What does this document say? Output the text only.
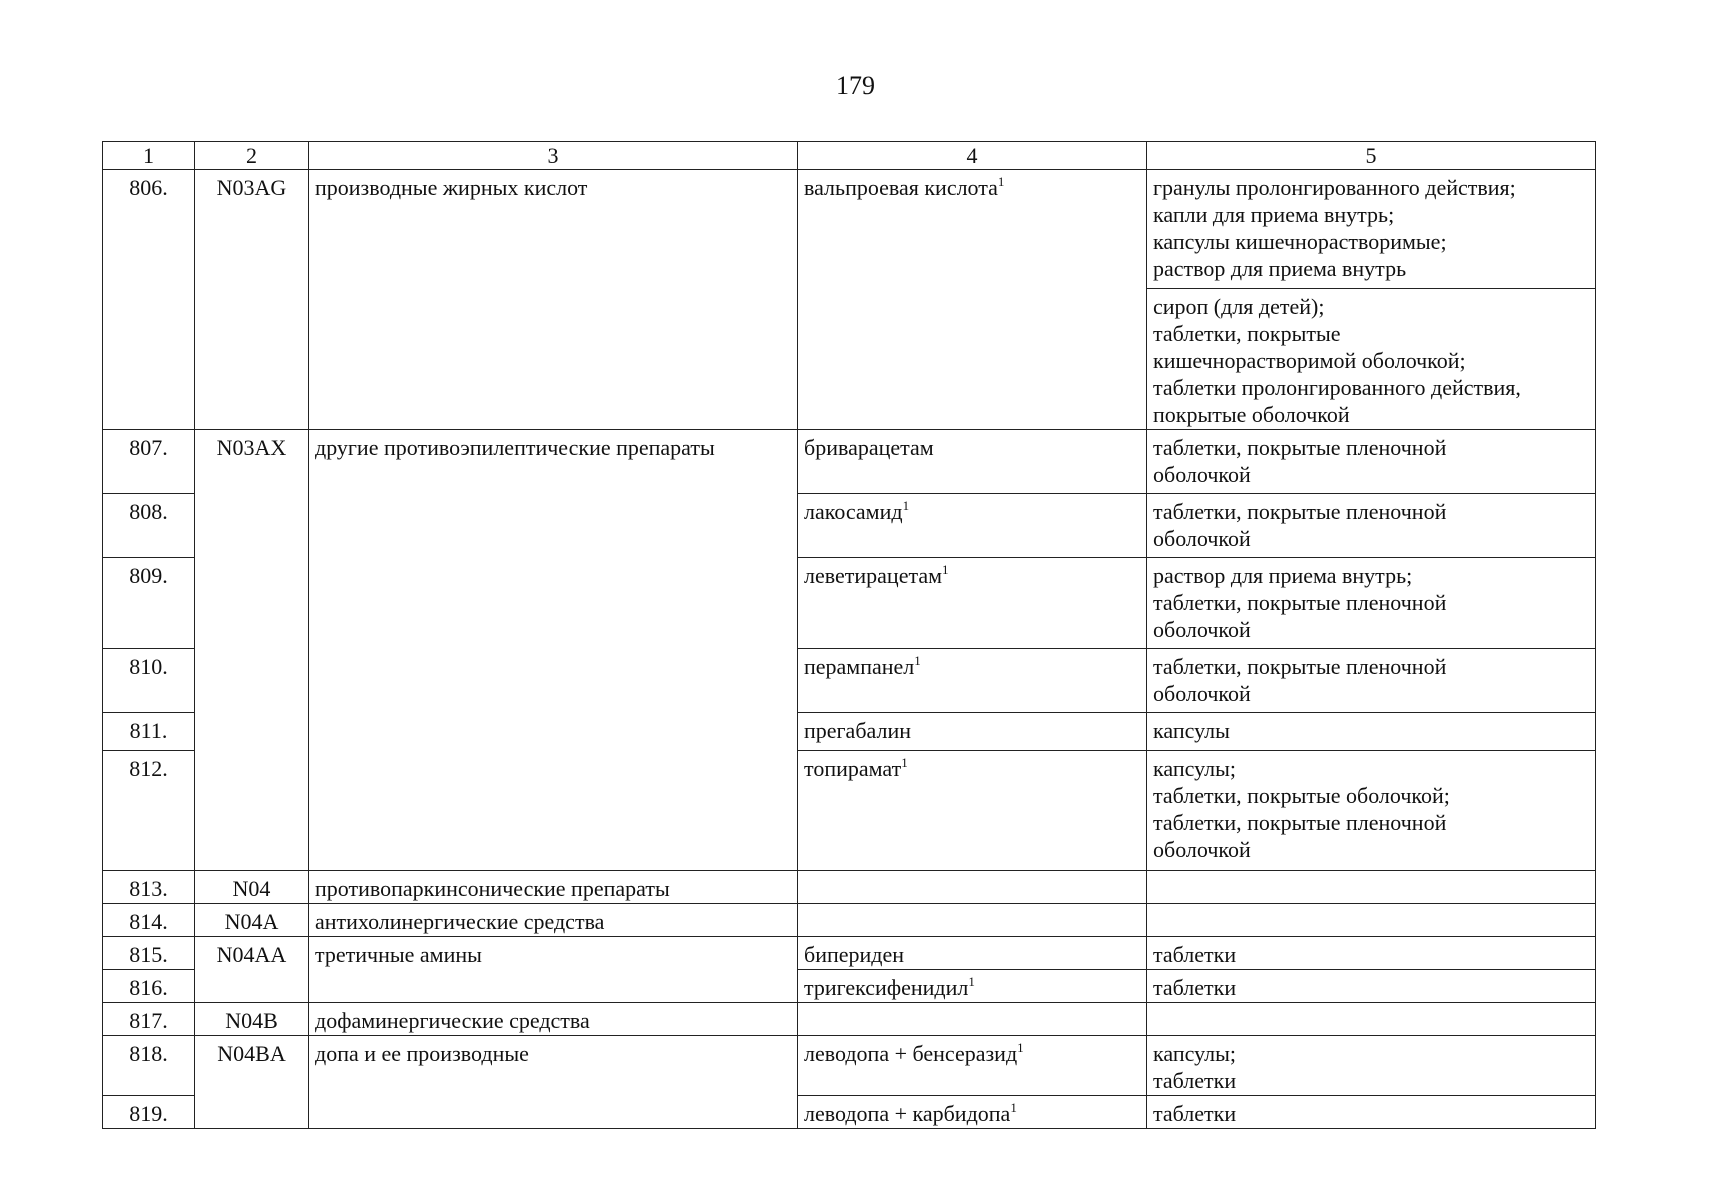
179
1	2	3	4	5
806.	N03AG	производные жирных кислот	вальпроевая кислота$^1$	гранулы пролонгированного действия;
капли для приема внутрь;
капсулы кишечнорастворимые;
раствор для приема внутрь

				сироп (для детей);
таблетки, покрытые
кишечнорастворимой оболочкой;
таблетки пролонгированного действия,
покрытые оболочкой

807.	N03AX	другие противоэпилептические препараты	бриварацетам	таблетки, покрытые пленочной
оболочкой

808.			лакосамид$^1$	таблетки, покрытые пленочной
оболочкой

809.			леветирацетам$^1$	раствор для приема внутрь;
таблетки, покрытые пленочной
оболочкой

810.			перампанел$^1$	таблетки, покрытые пленочной
оболочкой

811.			прегабалин	капсулы

812.			топирамат$^1$	капсулы;
таблетки, покрытые оболочкой;
таблетки, покрытые пленочной
оболочкой

813.	N04	противопаркинсонические препараты		
814.	N04A	антихолинергические средства		
815.	N04AA	третичные амины	бипериден	таблетки

816.			тригексифенидил$^1$	таблетки

817.	N04B	дофаминергические средства		
818.	N04BA	допа и ее производные	леводопа + бенсеразид$^1$	капсулы;
таблетки

819.			леводопа + карбидопа$^1$	таблетки
